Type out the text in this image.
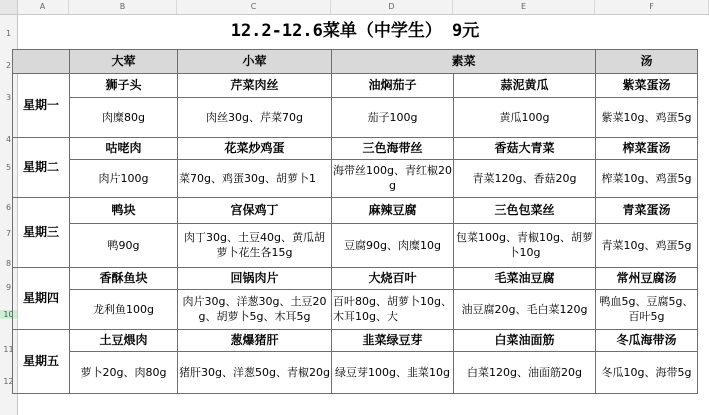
A	B	C	D	E	F
1
2
3
4
5
6
7
8
9
10
11
12
12.2-12.6菜单（中学生） 9元					
	大荤	小荤	素菜		汤
星期一	狮子头	芹菜肉丝	油焖茄子	蒜泥黄瓜	紫菜蛋汤
	肉糜80g	肉丝30g、芹菜70g	茄子100g	黄瓜100g	紫菜10g、鸡蛋5g
星期二	咕咾肉	花菜炒鸡蛋	三色海带丝	香菇大青菜	榨菜蛋汤
	肉片100g	菜70g、鸡蛋30g、胡萝卜1	海带丝100g、青红椒20g	青菜120g、香菇20g	榨菜10g、鸡蛋5g
星期三	鸭块	宫保鸡丁	麻辣豆腐	三色包菜丝	青菜蛋汤
	鸭90g	肉丁30g、土豆40g、黄瓜胡萝卜花生各15g	豆腐90g、肉糜10g	包菜100g、青椒10g、胡萝卜10g	青菜10g、鸡蛋5g
星期四	香酥鱼块	回锅肉片	大烧百叶	毛菜油豆腐	常州豆腐汤
	龙利鱼100g	肉片30g、洋葱30g、土豆20g、胡萝卜5g、木耳5g	百叶80g、胡萝卜10g、木耳10g、大	油豆腐20g、毛白菜120g	鸭血5g、豆腐5g、百叶5g
星期五	土豆煨肉	葱爆猪肝	韭菜绿豆芽	白菜油面筋	冬瓜海带汤
	萝卜20g、肉80g	猪肝30g、洋葱50g、青椒20g	绿豆芽100g、韭菜10g	白菜120g、油面筋20g	冬瓜10g、海带5g
